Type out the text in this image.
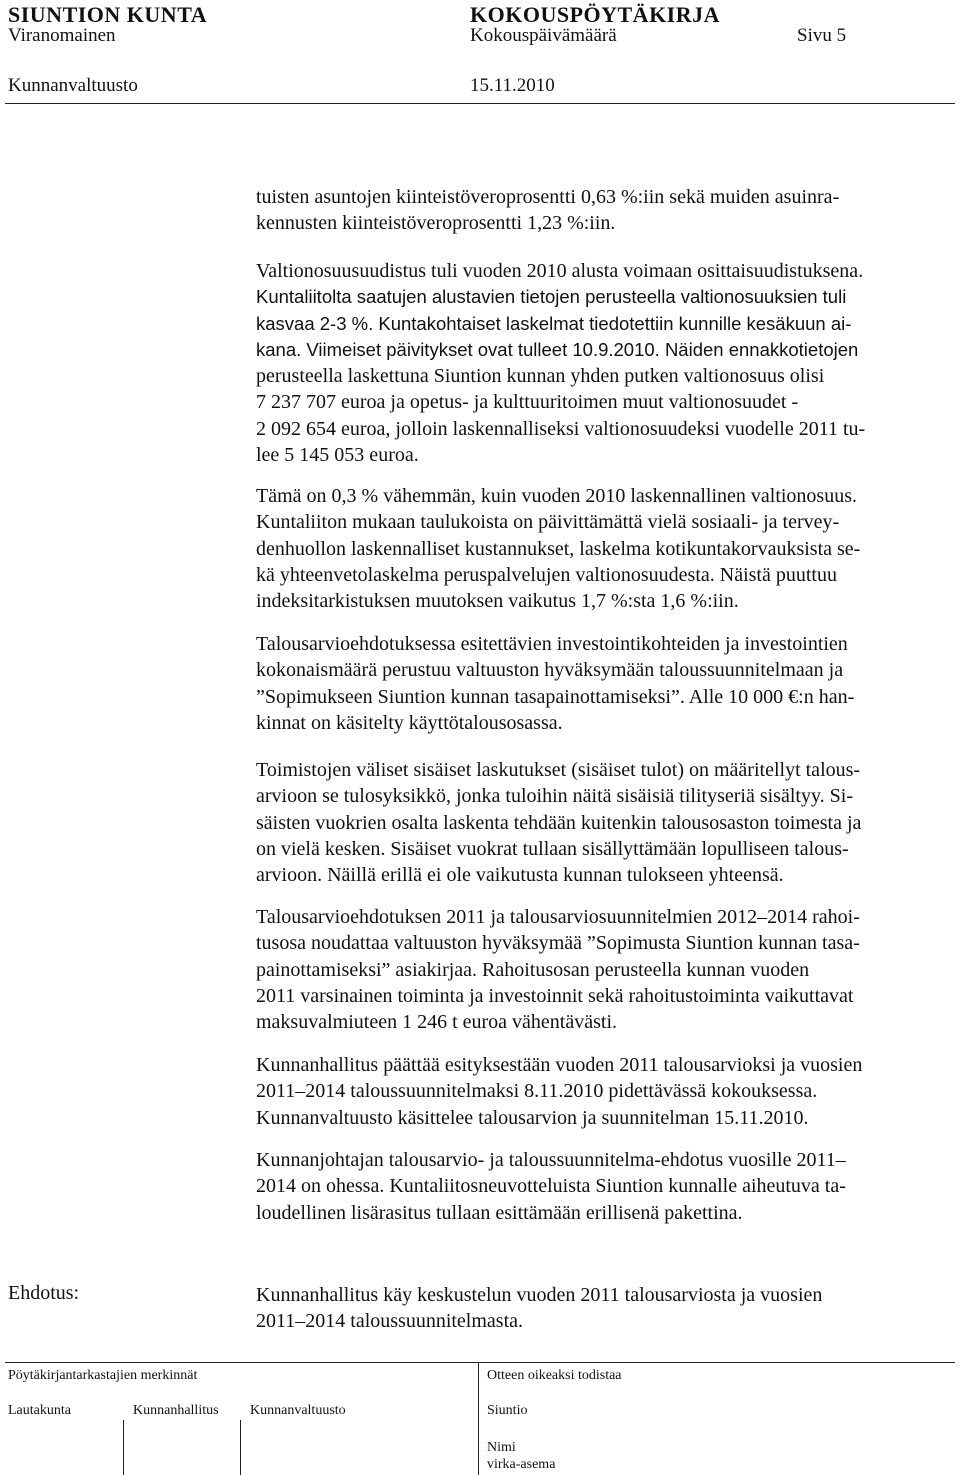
SIUNTION KUNTA	KOKOUSPÖYTÄKIRJA
Viranomainen	Kokouspäivämäärä	Sivu 5
Kunnanvaltuusto	15.11.2010
tuisten asuntojen kiinteistöveroprosentti 0,63 %:iin sekä muiden asuinra-
kennusten kiinteistöveroprosentti 1,23 %:iin.
Valtionosuusuudistus tuli vuoden 2010 alusta voimaan osittaisuudistuksena.
Kuntaliitolta saatujen alustavien tietojen perusteella valtionosuuksien tuli
kasvaa 2-3 %. Kuntakohtaiset laskelmat tiedotettiin kunnille kesäkuun ai-
kana. Viimeiset päivitykset ovat tulleet 10.9.2010. Näiden ennakkotietojen
perusteella laskettuna Siuntion kunnan yhden putken valtionosuus olisi
7 237 707 euroa ja opetus- ja kulttuuritoimen muut valtionosuudet -
2 092 654 euroa, jolloin laskennalliseksi valtionosuudeksi vuodelle 2011 tu-
lee 5 145 053 euroa.
Tämä on 0,3 % vähemmän, kuin vuoden 2010 laskennallinen valtionosuus.
Kuntaliiton mukaan taulukoista on päivittämättä vielä sosiaali- ja tervey-
denhuollon laskennalliset kustannukset, laskelma kotikuntakorvauksista se-
kä yhteenvetolaskelma peruspalvelujen valtionosuudesta. Näistä puuttuu
indeksitarkistuksen muutoksen vaikutus 1,7 %:sta 1,6 %:iin.
Talousarvioehdotuksessa esitettävien investointikohteiden ja investointien
kokonaismäärä perustuu valtuuston hyväksymään taloussuunnitelmaan ja
”Sopimukseen Siuntion kunnan tasapainottamiseksi”. Alle 10 000 €:n han-
kinnat on käsitelty käyttötalousosassa.
Toimistojen väliset sisäiset laskutukset (sisäiset tulot) on määritellyt talous-
arvioon se tulosyksikkö, jonka tuloihin näitä sisäisiä tilityseriä sisältyy. Si-
säisten vuokrien osalta laskenta tehdään kuitenkin talousosaston toimesta ja
on vielä kesken. Sisäiset vuokrat tullaan sisällyttämään lopulliseen talous-
arvioon. Näillä erillä ei ole vaikutusta kunnan tulokseen yhteensä.
Talousarvioehdotuksen 2011 ja talousarviosuunnitelmien 2012–2014 rahoi-
tusosa noudattaa valtuuston hyväksymää ”Sopimusta Siuntion kunnan tasa-
painottamiseksi” asiakirjaa. Rahoitusosan perusteella kunnan vuoden
2011 varsinainen toiminta ja investoinnit sekä rahoitustoiminta vaikuttavat
maksuvalmiuteen 1 246 t euroa vähentävästi.
Kunnanhallitus päättää esityksestään vuoden 2011 talousarvioksi ja vuosien
2011–2014 taloussuunnitelmaksi 8.11.2010 pidettävässä kokouksessa.
Kunnanvaltuusto käsittelee talousarvion ja suunnitelman 15.11.2010.
Kunnanjohtajan talousarvio- ja taloussuunnitelma-ehdotus vuosille 2011–
2014 on ohessa. Kuntaliitosneuvotteluista Siuntion kunnalle aiheutuva ta-
loudellinen lisärasitus tullaan esittämään erillisenä pakettina.
Ehdotus:	Kunnanhallitus käy keskustelun vuoden 2011 talousarviosta ja vuosien
2011–2014 taloussuunnitelmasta.
Pöytäkirjantarkastajien merkinnät	Otteen oikeaksi todistaa
Lautakunta	Kunnanhallitus Kunnanvaltuusto	Siuntio
Nimi
virka-asema
